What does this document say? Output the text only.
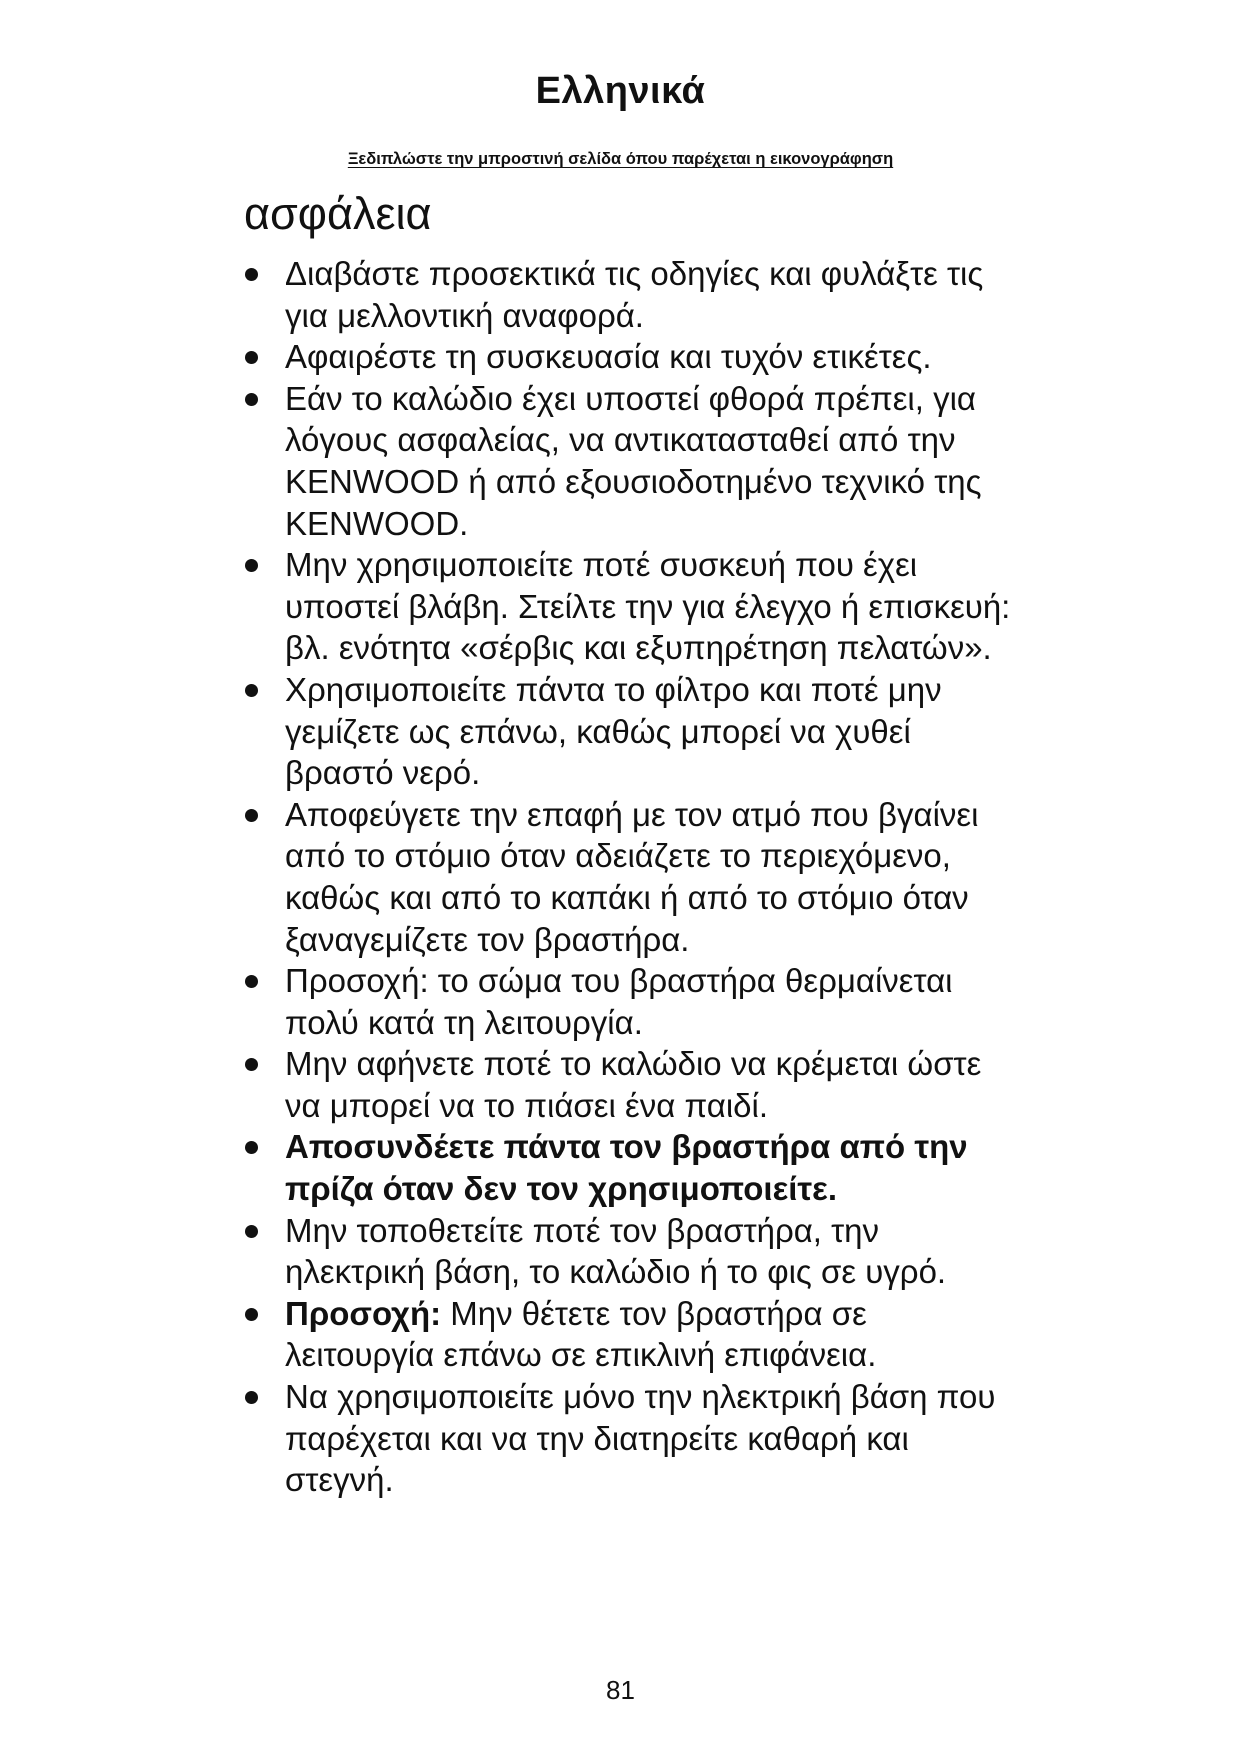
Ελληνικά
Ξεδιπλώστε την μπροστινή σελίδα όπου παρέχεται η εικονογράφηση
ασφάλεια
Διαβάστε προσεκτικά τις οδηγίες και φυλάξτε τις για μελλοντική αναφορά.
Αφαιρέστε τη συσκευασία και τυχόν ετικέτες.
Εάν το καλώδιο έχει υποστεί φθορά πρέπει, για λόγους ασφαλείας, να αντικατασταθεί από την KENWOOD ή από εξουσιοδοτημένο τεχνικό της KENWOOD.
Μην χρησιμοποιείτε ποτέ συσκευή που έχει υποστεί βλάβη. Στείλτε την για έλεγχο ή επισκευή: βλ. ενότητα «σέρβις και εξυπηρέτηση πελατών».
Χρησιμοποιείτε πάντα το φίλτρο και ποτέ μην γεμίζετε ως επάνω, καθώς μπορεί να χυθεί βραστό νερό.
Αποφεύγετε την επαφή με τον ατμό που βγαίνει από το στόμιο όταν αδειάζετε το περιεχόμενο, καθώς και από το καπάκι ή από το στόμιο όταν ξαναγεμίζετε τον βραστήρα.
Προσοχή: το σώμα του βραστήρα θερμαίνεται πολύ κατά τη λειτουργία.
Μην αφήνετε ποτέ το καλώδιο να κρέμεται ώστε να μπορεί να το πιάσει ένα παιδί.
Αποσυνδέετε πάντα τον βραστήρα από την πρίζα όταν δεν τον χρησιμοποιείτε.
Μην τοποθετείτε ποτέ τον βραστήρα, την ηλεκτρική βάση, το καλώδιο ή το φις σε υγρό.
Προσοχή: Μην θέτετε τον βραστήρα σε λειτουργία επάνω σε επικλινή επιφάνεια.
Να χρησιμοποιείτε μόνο την ηλεκτρική βάση που παρέχεται και να την διατηρείτε καθαρή και στεγνή.
81
